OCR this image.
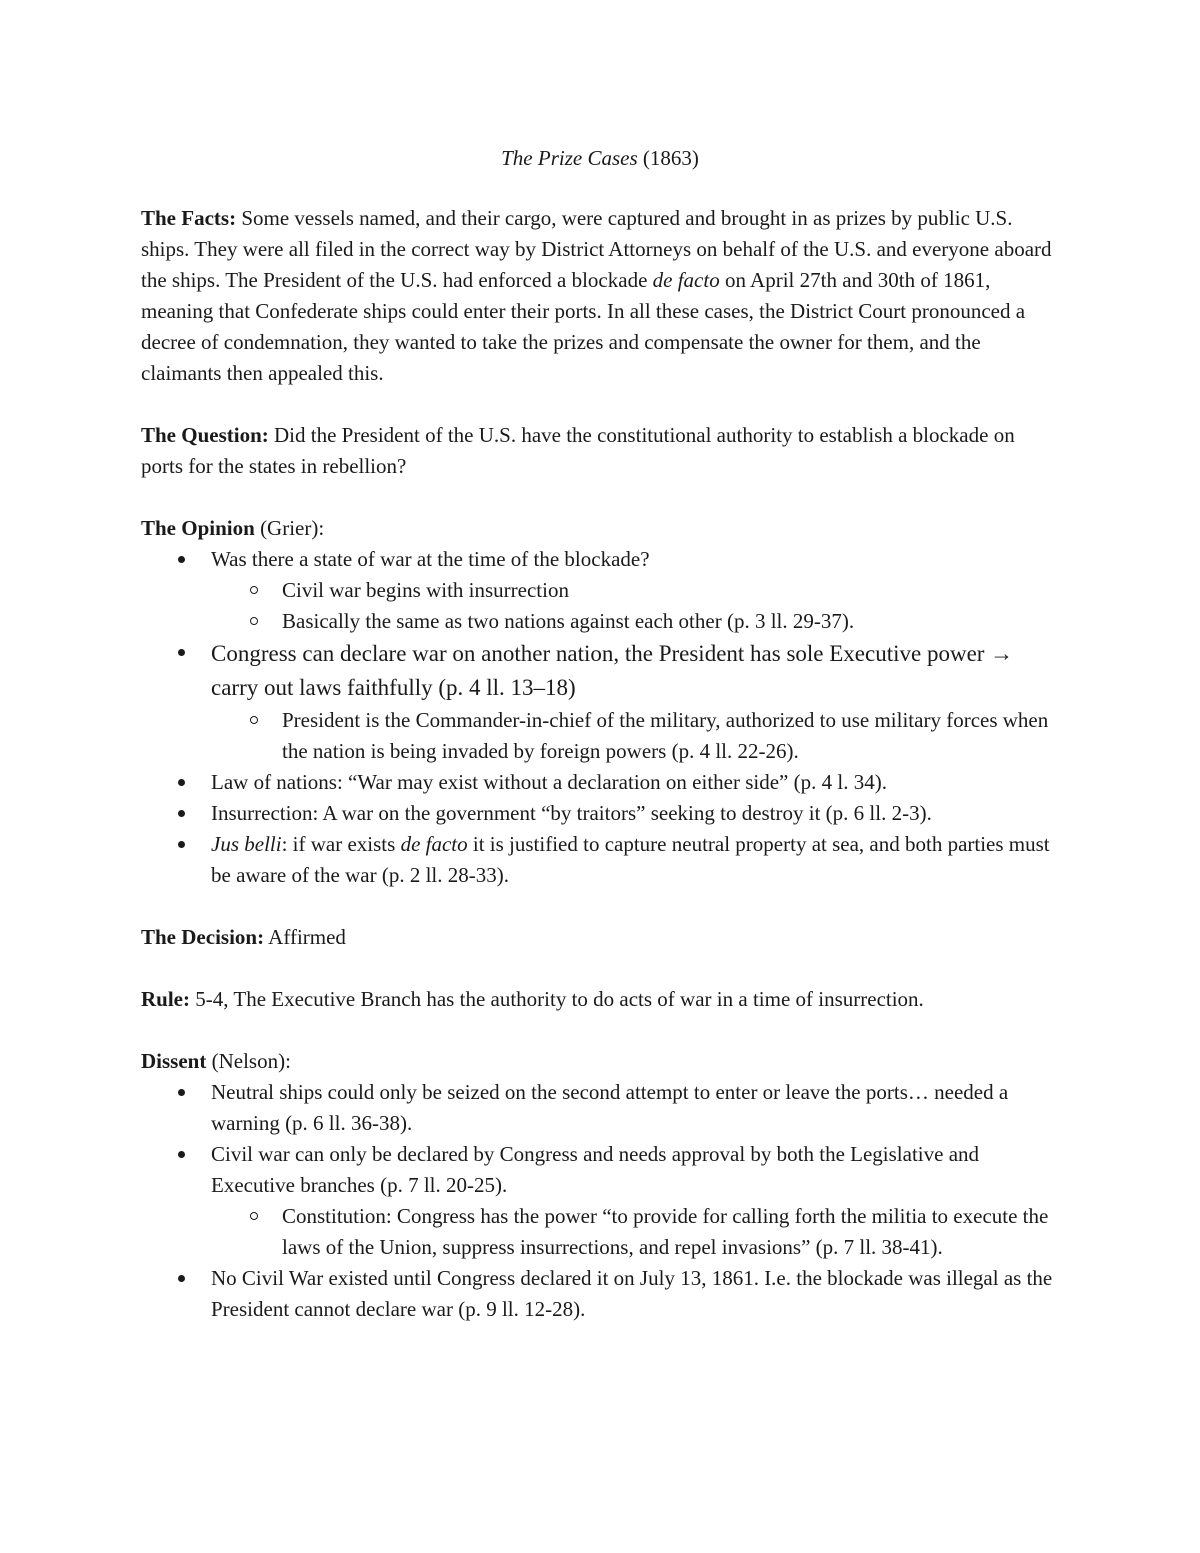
The Prize Cases (1863)

The Facts: Some vessels named, and their cargo, were captured and brought in as prizes by public U.S. ships. They were all filed in the correct way by District Attorneys on behalf of the U.S. and everyone aboard the ships. The President of the U.S. had enforced a blockade de facto on April 27th and 30th of 1861, meaning that Confederate ships could enter their ports. In all these cases, the District Court pronounced a decree of condemnation, they wanted to take the prizes and compensate the owner for them, and the claimants then appealed this.

The Question: Did the President of the U.S. have the constitutional authority to establish a blockade on ports for the states in rebellion?

The Opinion (Grier):
Was there a state of war at the time of the blockade?
Civil war begins with insurrection
Basically the same as two nations against each other (p. 3 ll. 29-37).
Congress can declare war on another nation, the President has sole Executive power → carry out laws faithfully (p. 4 ll. 13–18)
President is the Commander-in-chief of the military, authorized to use military forces when the nation is being invaded by foreign powers (p. 4 ll. 22-26).
Law of nations: “War may exist without a declaration on either side” (p. 4 l. 34).
Insurrection: A war on the government “by traitors” seeking to destroy it (p. 6 ll. 2-3).
Jus belli: if war exists de facto it is justified to capture neutral property at sea, and both parties must be aware of the war (p. 2 ll. 28-33).

The Decision: Affirmed

Rule: 5-4, The Executive Branch has the authority to do acts of war in a time of insurrection.

Dissent (Nelson):
Neutral ships could only be seized on the second attempt to enter or leave the ports… needed a warning (p. 6 ll. 36-38).
Civil war can only be declared by Congress and needs approval by both the Legislative and Executive branches (p. 7 ll. 20-25).
Constitution: Congress has the power “to provide for calling forth the militia to execute the laws of the Union, suppress insurrections, and repel invasions” (p. 7 ll. 38-41).
No Civil War existed until Congress declared it on July 13, 1861. I.e. the blockade was illegal as the President cannot declare war (p. 9 ll. 12-28).
